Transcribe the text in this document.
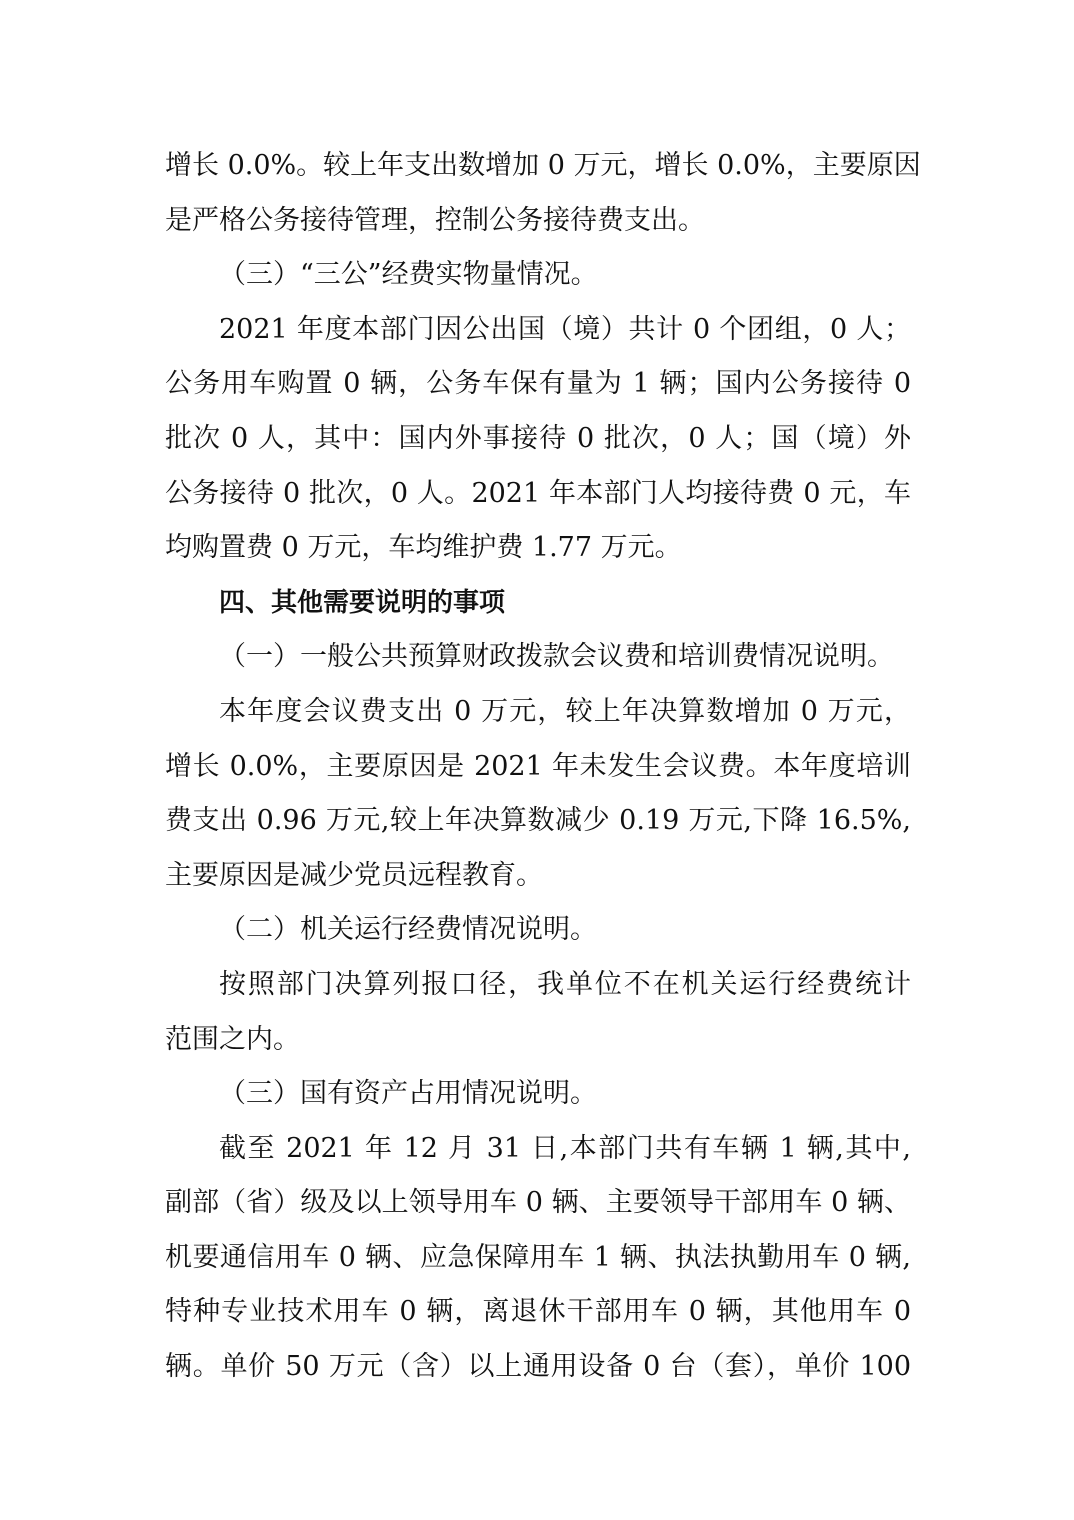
增长 0.0%。较上年支出数增加 0 万元，增长 0.0%，主要原因
是严格公务接待管理，控制公务接待费支出。
（三）“三公”经费实物量情况。
2021 年度本部门因公出国（境）共计 0 个团组，0 人；
公务用车购置 0 辆，公务车保有量为 1 辆；国内公务接待 0
批次 0 人，其中：国内外事接待 0 批次，0 人；国（境）外
公务接待 0 批次，0 人。2021 年本部门人均接待费 0 元，车
均购置费 0 万元，车均维护费 1.77 万元。
四、其他需要说明的事项
（一）一般公共预算财政拨款会议费和培训费情况说明。
本年度会议费支出 0 万元，较上年决算数增加 0 万元，
增长 0.0%，主要原因是 2021 年未发生会议费。本年度培训
费支出 0.96 万元,较上年决算数减少 0.19 万元,下降 16.5%,
主要原因是减少党员远程教育。
（二）机关运行经费情况说明。
按照部门决算列报口径，我单位不在机关运行经费统计
范围之内。
（三）国有资产占用情况说明。
截至 2021 年 12 月 31 日,本部门共有车辆 1 辆,其中,
副部（省）级及以上领导用车 0 辆、主要领导干部用车 0 辆、
机要通信用车 0 辆、应急保障用车 1 辆、执法执勤用车 0 辆,
特种专业技术用车 0 辆，离退休干部用车 0 辆，其他用车 0
辆。单价 50 万元（含）以上通用设备 0 台（套），单价 100
